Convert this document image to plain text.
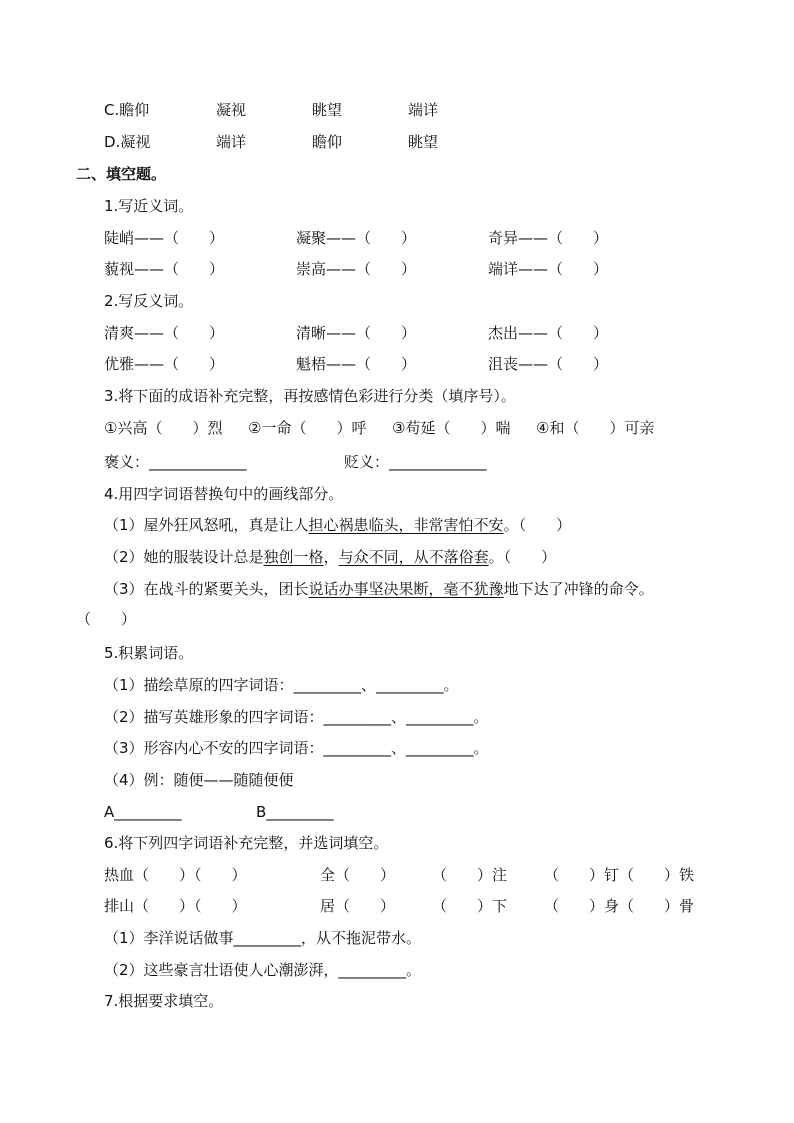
C.瞻仰	凝视	眺望	端详
D.凝视	端详	瞻仰	眺望
二、填空题。
1.写近义词。
陡峭——（　　）	凝聚——（　　）	奇异——（　　）
藐视——（　　）	崇高——（　　）	端详——（　　）
2.写反义词。
清爽——（　　）	清晰——（　　）	杰出——（　　）
优雅——（　　）	魁梧——（　　）	沮丧——（　　）
3.将下面的成语补充完整，再按感情色彩进行分类（填序号）。
①兴高（　　）烈 ②一命（　　）呼 ③苟延（　　）喘 ④和（　　）可亲
褒义：_____________	贬义：_____________
4.用四字词语替换句中的画线部分。
（1）屋外狂风怒吼，真是让人担心祸患临头，非常害怕不安。（　　）
（2）她的服装设计总是独创一格，与众不同，从不落俗套。（　　）
（3）在战斗的紧要关头，团长说话办事坚决果断，毫不犹豫地下达了冲锋的命令。
（　　）
5.积累词语。
（1）描绘草原的四字词语：_________、_________。
（2）描写英雄形象的四字词语：_________、_________。
（3）形容内心不安的四字词语：_________、_________。
（4）例：随便——随随便便
A_________	B_________
6.将下列四字词语补充完整，并选词填空。
热血（　　）（　　）	全（　　） （　　）注 （　　）钉（　　）铁
排山（　　）（　　）	居（　　） （　　）下 （　　）身（　　）骨
（1）李洋说话做事_________，从不拖泥带水。
（2）这些豪言壮语使人心潮澎湃，_________。
7.根据要求填空。
